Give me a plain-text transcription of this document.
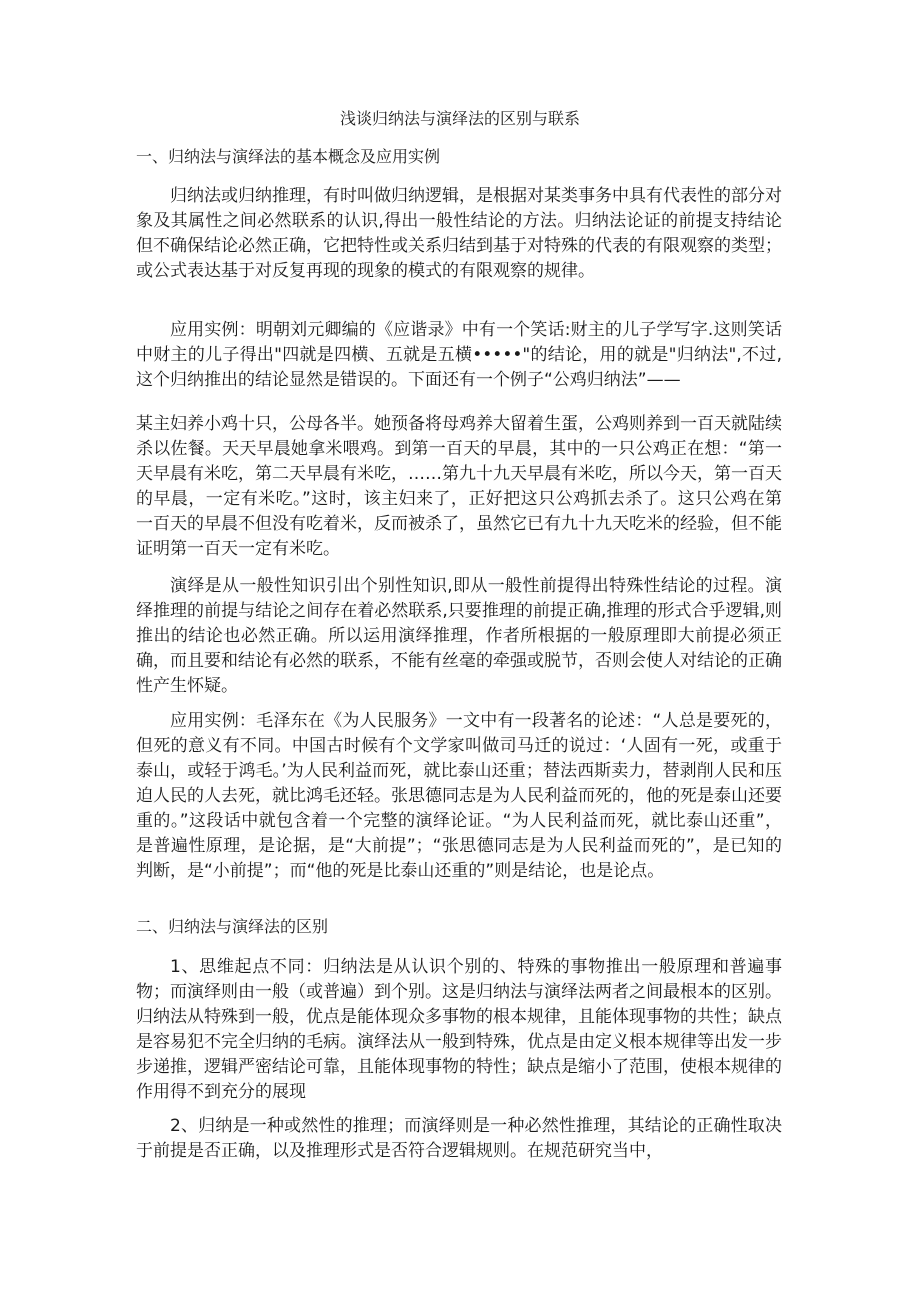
浅谈归纳法与演绎法的区别与联系
一、归纳法与演绎法的基本概念及应用实例
归纳法或归纳推理，有时叫做归纳逻辑，是根据对某类事务中具有代表性的部分对象及其属性之间必然联系的认识,得出一般性结论的方法。归纳法论证的前提支持结论但不确保结论必然正确，它把特性或关系归结到基于对特殊的代表的有限观察的类型；或公式表达基于对反复再现的现象的模式的有限观察的规律。
应用实例：明朝刘元卿编的《应谐录》中有一个笑话:财主的儿子学写字.这则笑话中财主的儿子得出"四就是四横、五就是五横•••••"的结论，用的就是"归纳法",不过,这个归纳推出的结论显然是错误的。下面还有一个例子“公鸡归纳法”——
某主妇养小鸡十只，公母各半。她预备将母鸡养大留着生蛋，公鸡则养到一百天就陆续杀以佐餐。天天早晨她拿米喂鸡。到第一百天的早晨，其中的一只公鸡正在想：“第一天早晨有米吃，第二天早晨有米吃，……第九十九天早晨有米吃，所以今天，第一百天的早晨，一定有米吃。”这时，该主妇来了，正好把这只公鸡抓去杀了。这只公鸡在第一百天的早晨不但没有吃着米，反而被杀了，虽然它已有九十九天吃米的经验，但不能证明第一百天一定有米吃。
演绎是从一般性知识引出个别性知识,即从一般性前提得出特殊性结论的过程。演绎推理的前提与结论之间存在着必然联系,只要推理的前提正确,推理的形式合乎逻辑,则推出的结论也必然正确。所以运用演绎推理，作者所根据的一般原理即大前提必须正确，而且要和结论有必然的联系，不能有丝毫的牵强或脱节，否则会使人对结论的正确性产生怀疑。
应用实例：毛泽东在《为人民服务》一文中有一段著名的论述：“人总是要死的，但死的意义有不同。中国古时候有个文学家叫做司马迁的说过：‘人固有一死，或重于泰山，或轻于鸿毛。’为人民利益而死，就比泰山还重；替法西斯卖力，替剥削人民和压迫人民的人去死，就比鸿毛还轻。张思德同志是为人民利益而死的，他的死是泰山还要重的。”这段话中就包含着一个完整的演绎论证。“为人民利益而死，就比泰山还重”，是普遍性原理，是论据，是“大前提”；“张思德同志是为人民利益而死的”，是已知的判断，是“小前提”；而“他的死是比泰山还重的”则是结论，也是论点。
二、归纳法与演绎法的区别
1、思维起点不同：归纳法是从认识个别的、特殊的事物推出一般原理和普遍事物；而演绎则由一般（或普遍）到个别。这是归纳法与演绎法两者之间最根本的区别。归纳法从特殊到一般，优点是能体现众多事物的根本规律，且能体现事物的共性；缺点是容易犯不完全归纳的毛病。演绎法从一般到特殊，优点是由定义根本规律等出发一步步递推，逻辑严密结论可靠，且能体现事物的特性；缺点是缩小了范围，使根本规律的作用得不到充分的展现
2、归纳是一种或然性的推理；而演绎则是一种必然性推理，其结论的正确性取决于前提是否正确，以及推理形式是否符合逻辑规则。在规范研究当中，
